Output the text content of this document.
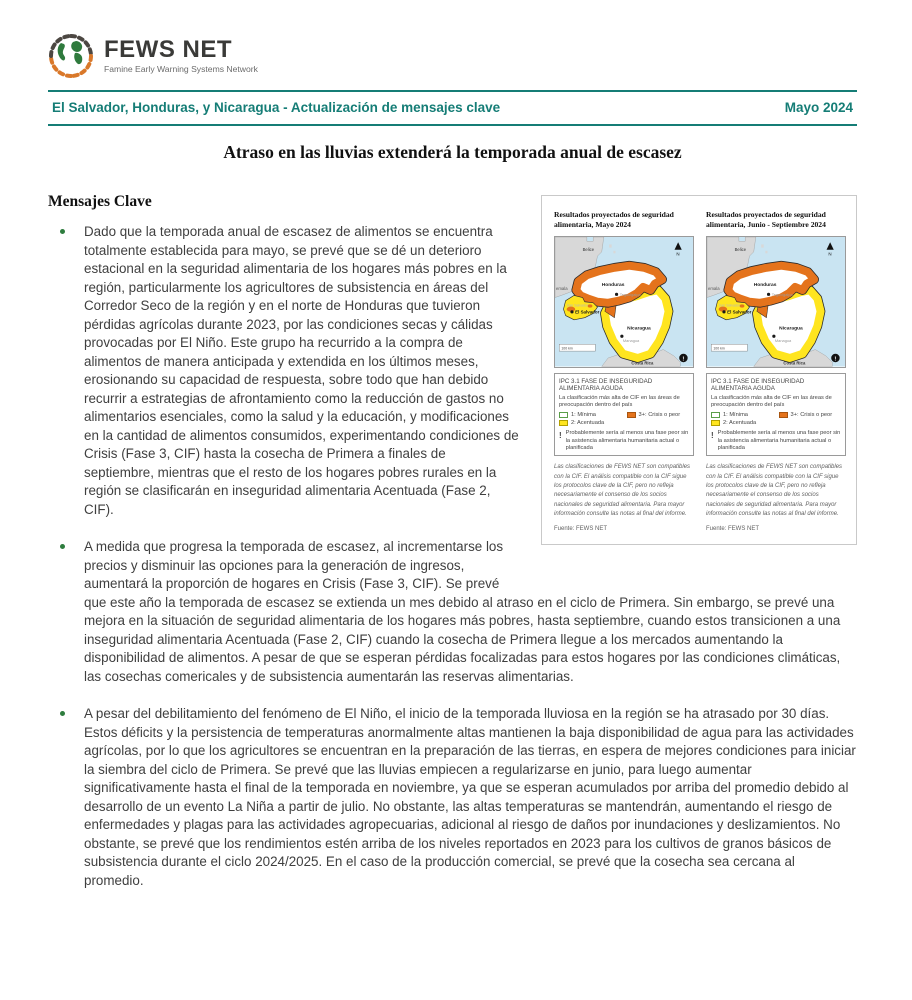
FEWS NET
Famine Early Warning Systems Network
El Salvador, Honduras, y Nicaragua - Actualización de mensajes clave	Mayo 2024
Atraso en las lluvias extenderá la temporada anual de escasez
Resultados proyectados de seguridad alimentaria, Mayo 2024
Belice
emala
Honduras
Tegucigalpa
San Salvador
El Salvador
Nicaragua
Managua
Costa Rica
N
100 km
!
IPC 3.1 FASE DE INSEGURIDAD ALIMENTARIA AGUDA
La clasificación más alta de CIF en las áreas de preocupación dentro del país
1: Mínima	3+: Crisis o peor
2: Acentuada
! Probablemente sería al menos una fase peor sin la asistencia alimentaria humanitaria actual o planificada
Las clasificaciones de FEWS NET son compatibles con la CIF. El análisis compatible con la CIF sigue los protocolos clave de la CIF, pero no refleja necesariamente el consenso de los socios nacionales de seguridad alimentaria. Para mayor información consulte las notas al final del informe.
Fuente: FEWS NET
Resultados proyectados de seguridad alimentaria, Junio - Septiembre 2024
Belice
emala
Honduras
Tegucigalpa
San Salvador
El Salvador
Nicaragua
Managua
Costa Rica
N
100 km
!
IPC 3.1 FASE DE INSEGURIDAD ALIMENTARIA AGUDA
La clasificación más alta de CIF en las áreas de preocupación dentro del país
1: Mínima	3+: Crisis o peor
2: Acentuada
! Probablemente sería al menos una fase peor sin la asistencia alimentaria humanitaria actual o planificada
Las clasificaciones de FEWS NET son compatibles con la CIF. El análisis compatible con la CIF sigue los protocolos clave de la CIF, pero no refleja necesariamente el consenso de los socios nacionales de seguridad alimentaria. Para mayor información consulte las notas al final del informe.
Fuente: FEWS NET
Mensajes Clave
Dado que la temporada anual de escasez de alimentos se encuentra totalmente establecida para mayo, se prevé que se dé un deterioro estacional en la seguridad alimentaria de los hogares más pobres en la región, particularmente los agricultores de subsistencia en áreas del Corredor Seco de la región y en el norte de Honduras que tuvieron pérdidas agrícolas durante 2023, por las condiciones secas y cálidas provocadas por El Niño. Este grupo ha recurrido a la compra de alimentos de manera anticipada y extendida en los últimos meses, erosionando su capacidad de respuesta, sobre todo que han debido recurrir a estrategias de afrontamiento como la reducción de gastos no alimentarios esenciales, como la salud y la educación, y modificaciones en la cantidad de alimentos consumidos, experimentando condiciones de Crisis (Fase 3, CIF) hasta la cosecha de Primera a finales de septiembre, mientras que el resto de los hogares pobres rurales en la región se clasificarán en inseguridad alimentaria Acentuada (Fase 2, CIF).
A medida que progresa la temporada de escasez, al incrementarse los precios y disminuir las opciones para la generación de ingresos, aumentará la proporción de hogares en Crisis (Fase 3, CIF). Se prevé que este año la temporada de escasez se extienda un mes debido al atraso en el ciclo de Primera. Sin embargo, se prevé una mejora en la situación de seguridad alimentaria de los hogares más pobres, hasta septiembre, cuando estos transicionen a una inseguridad alimentaria Acentuada (Fase 2, CIF) cuando la cosecha de Primera llegue a los mercados aumentando la disponibilidad de alimentos. A pesar de que se esperan pérdidas focalizadas para estos hogares por las condiciones climáticas, las cosechas comericales y de subsistencia aumentarán las reservas alimentarias.
A pesar del debilitamiento del fenómeno de El Niño, el inicio de la temporada lluviosa en la región se ha atrasado por 30 días. Estos déficits y la persistencia de temperaturas anormalmente altas mantienen la baja disponibilidad de agua para las actividades agrícolas, por lo que los agricultores se encuentran en la preparación de las tierras, en espera de mejores condiciones para iniciar la siembra del ciclo de Primera. Se prevé que las lluvias empiecen a regularizarse en junio, para luego aumentar significativamente hasta el final de la temporada en noviembre, ya que se esperan acumulados por arriba del promedio debido al desarrollo de un evento La Niña a partir de julio. No obstante, las altas temperaturas se mantendrán, aumentando el riesgo de enfermedades y plagas para las actividades agropecuarias, adicional al riesgo de daños por inundaciones y deslizamientos. No obstante, se prevé que los rendimientos estén arriba de los niveles reportados en 2023 para los cultivos de granos básicos de subsistencia durante el ciclo 2024/2025. En el caso de la producción comercial, se prevé que la cosecha sea cercana al promedio.
